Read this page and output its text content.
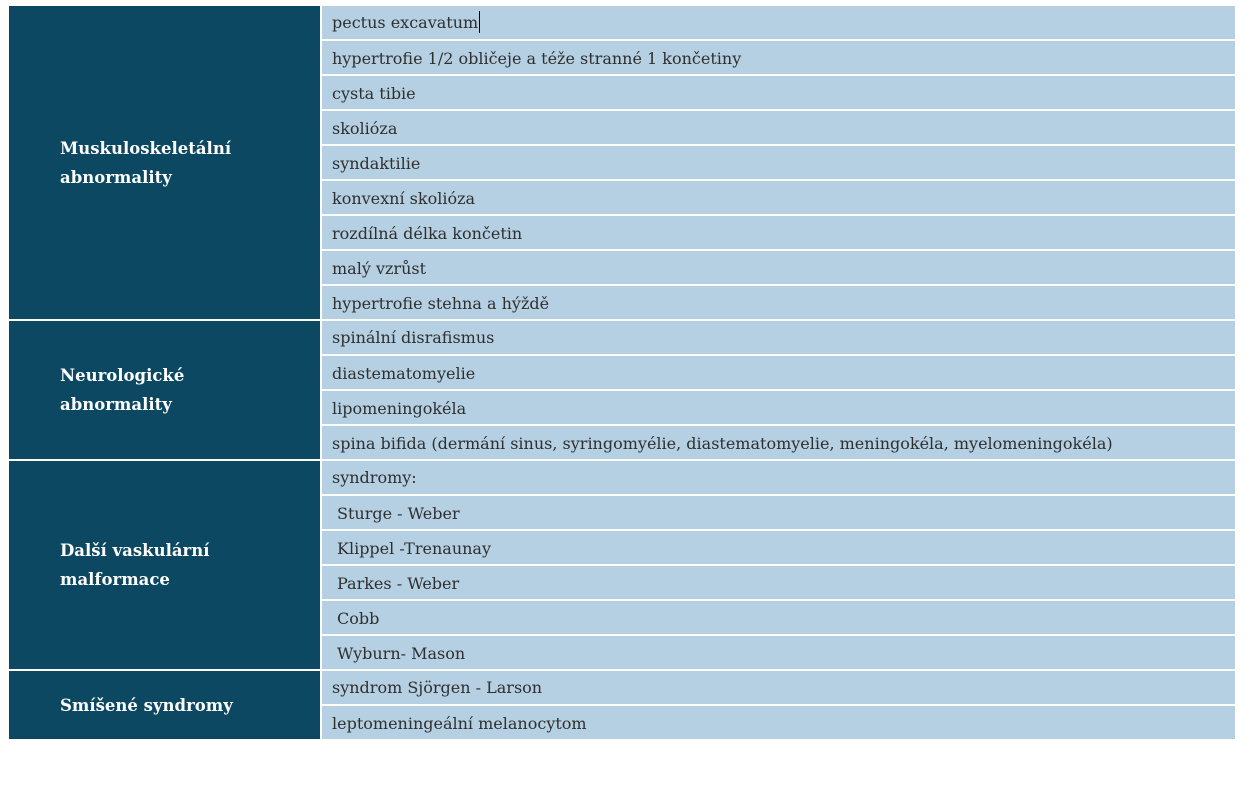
Muskuloskeletální
abnormality
pectus excavatum
hypertrofie 1/2 obličeje a téže stranné 1 končetiny
cysta tibie
skolióza
syndaktilie
konvexní skolióza
rozdílná délka končetin
malý vzrůst
hypertrofie stehna a hýždě
Neurologické
abnormality
spinální disrafismus
diastematomyelie
lipomeningokéla
spina bifida (dermání sinus, syringomyélie, diastematomyelie, meningokéla, myelomeningokéla)
Další vaskulární
malformace
syndromy:
Sturge - Weber
Klippel -Trenaunay
Parkes - Weber
Cobb
Wyburn- Mason
Smíšené syndromy
syndrom Sjörgen - Larson
leptomeningeální melanocytom
